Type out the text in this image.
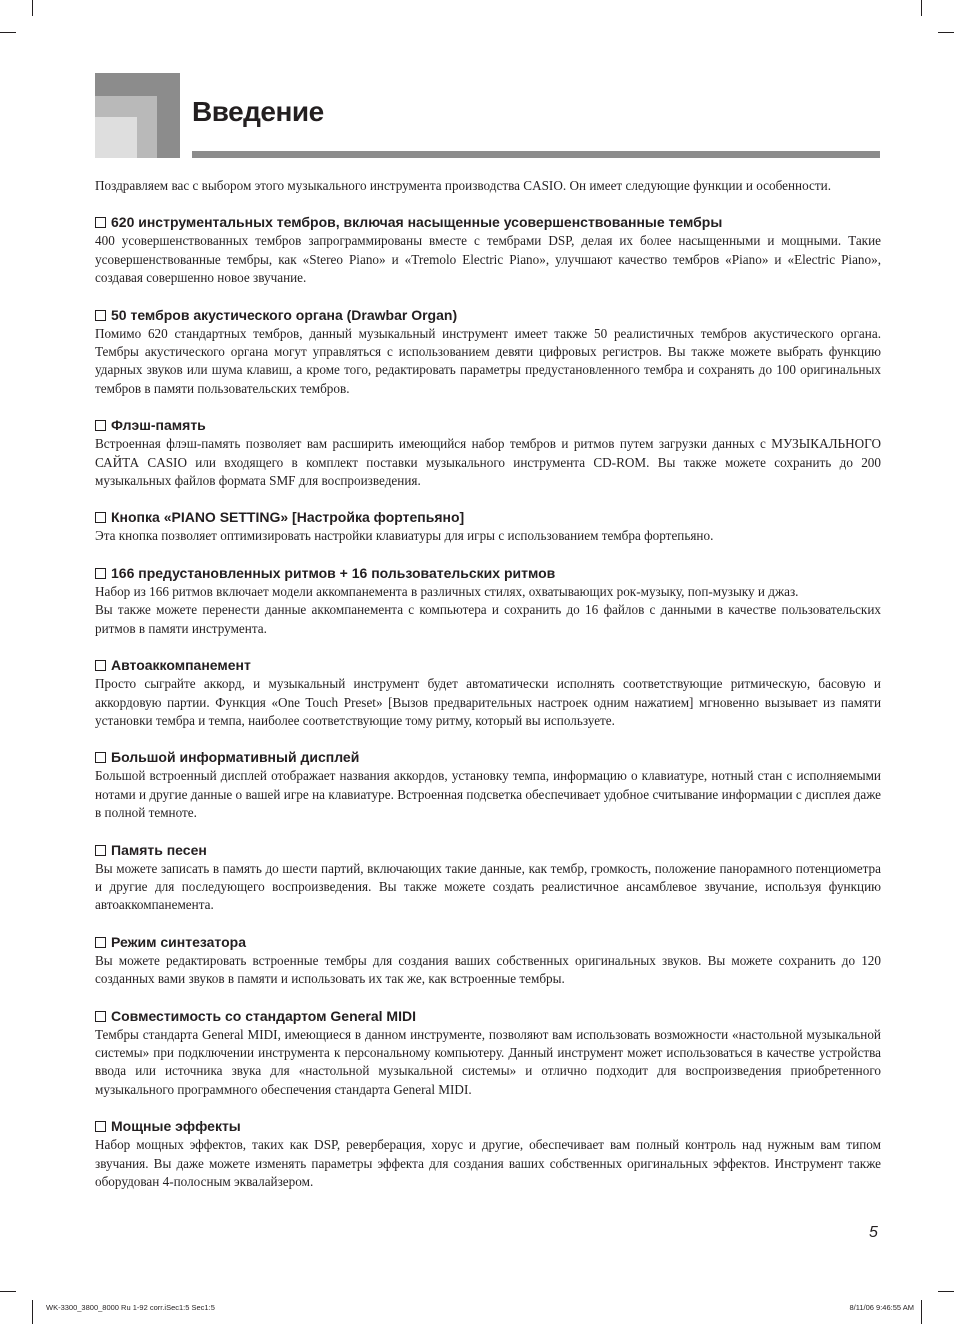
Введение

Поздравляем вас с выбором этого музыкального инструмента производства CASIO. Он имеет следующие функции и особенности.

620 инструментальных тембров, включая насыщенные усовершенствованные тембры

400 усовершенствованных тембров запрограммированы вместе с тембрами DSP, делая их более насыщенными и мощными. Такие усовершенствованные тембры, как «Stereo Piano» и «Tremolo Electric Piano», улучшают качество тембров «Piano» и «Electric Piano», создавая совершенно новое звучание.

50 тембров акустического органа (Drawbar Organ)

Помимо 620 стандартных тембров, данный музыкальный инструмент имеет также 50 реалистичных тембров акустического органа. Тембры акустического органа могут управляться с использованием девяти цифровых регистров. Вы также можете выбрать функцию ударных звуков или шума клавиш, а кроме того, редактировать параметры предустановленного тембра и сохранять до 100 оригинальных тембров в памяти пользовательских тембров.

Флэш-память

Встроенная флэш-память позволяет вам расширить имеющийся набор тембров и ритмов путем загрузки данных с МУЗЫКАЛЬНОГО САЙТА CASIO или входящего в комплект поставки музыкального инструмента CD-ROM. Вы также можете сохранить до 200 музыкальных файлов формата SMF для воспроизведения.

Кнопка «PIANO SETTING» [Настройка фортепьяно]

Эта кнопка позволяет оптимизировать настройки клавиатуры для игры с использованием тембра фортепьяно.

166 предустановленных ритмов + 16 пользовательских ритмов

Набор из 166 ритмов включает модели аккомпанемента в различных стилях, охватывающих рок-музыку, поп-музыку и джаз.

Вы также можете перенести данные аккомпанемента с компьютера и сохранить до 16 файлов с данными в качестве пользовательских ритмов в памяти инструмента.

Автоаккомпанемент

Просто сыграйте аккорд, и музыкальный инструмент будет автоматически исполнять соответствующие ритмическую, басовую и аккордовую партии. Функция «One Touch Preset» [Вызов предварительных настроек одним нажатием] мгновенно вызывает из памяти установки тембра и темпа, наиболее соответствующие тому ритму, который вы используете.

Большой информативный дисплей

Большой встроенный дисплей отображает названия аккордов, установку темпа, информацию о клавиатуре, нотный стан с исполняемыми нотами и другие данные о вашей игре на клавиатуре. Встроенная подсветка обеспечивает удобное считывание информации с дисплея даже в полной темноте.

Память песен

Вы можете записать в память до шести партий, включающих такие данные, как тембр, громкость, положение панорамного потенциометра и другие для последующего воспроизведения. Вы также можете создать реалистичное ансамблевое звучание, используя функцию автоаккомпанемента.

Режим синтезатора

Вы можете редактировать встроенные тембры для создания ваших собственных оригинальных звуков. Вы можете сохранить до 120 созданных вами звуков в памяти и использовать их так же, как встроенные тембры.

Совместимость со стандартом General MIDI

Тембры стандарта General MIDI, имеющиеся в данном инструменте, позволяют вам использовать возможности «настольной музыкальной системы» при подключении инструмента к персональному компьютеру. Данный инструмент может использоваться в качестве устройства ввода или источника звука для «настольной музыкальной системы» и отлично подходит для воспроизведения приобретенного музыкального программного обеспечения стандарта General MIDI.

Мощные эффекты

Набор мощных эффектов, таких как DSP, реверберация, хорус и другие, обеспечивает вам полный контроль над нужным вам типом звучания. Вы даже можете изменять параметры эффекта для создания ваших собственных оригинальных эффектов. Инструмент также оборудован 4-полосным эквалайзером.

5

WK-3300_3800_8000 Ru 1-92 corr.iSec1:5 Sec1:5	8/11/06 9:46:55 AM
